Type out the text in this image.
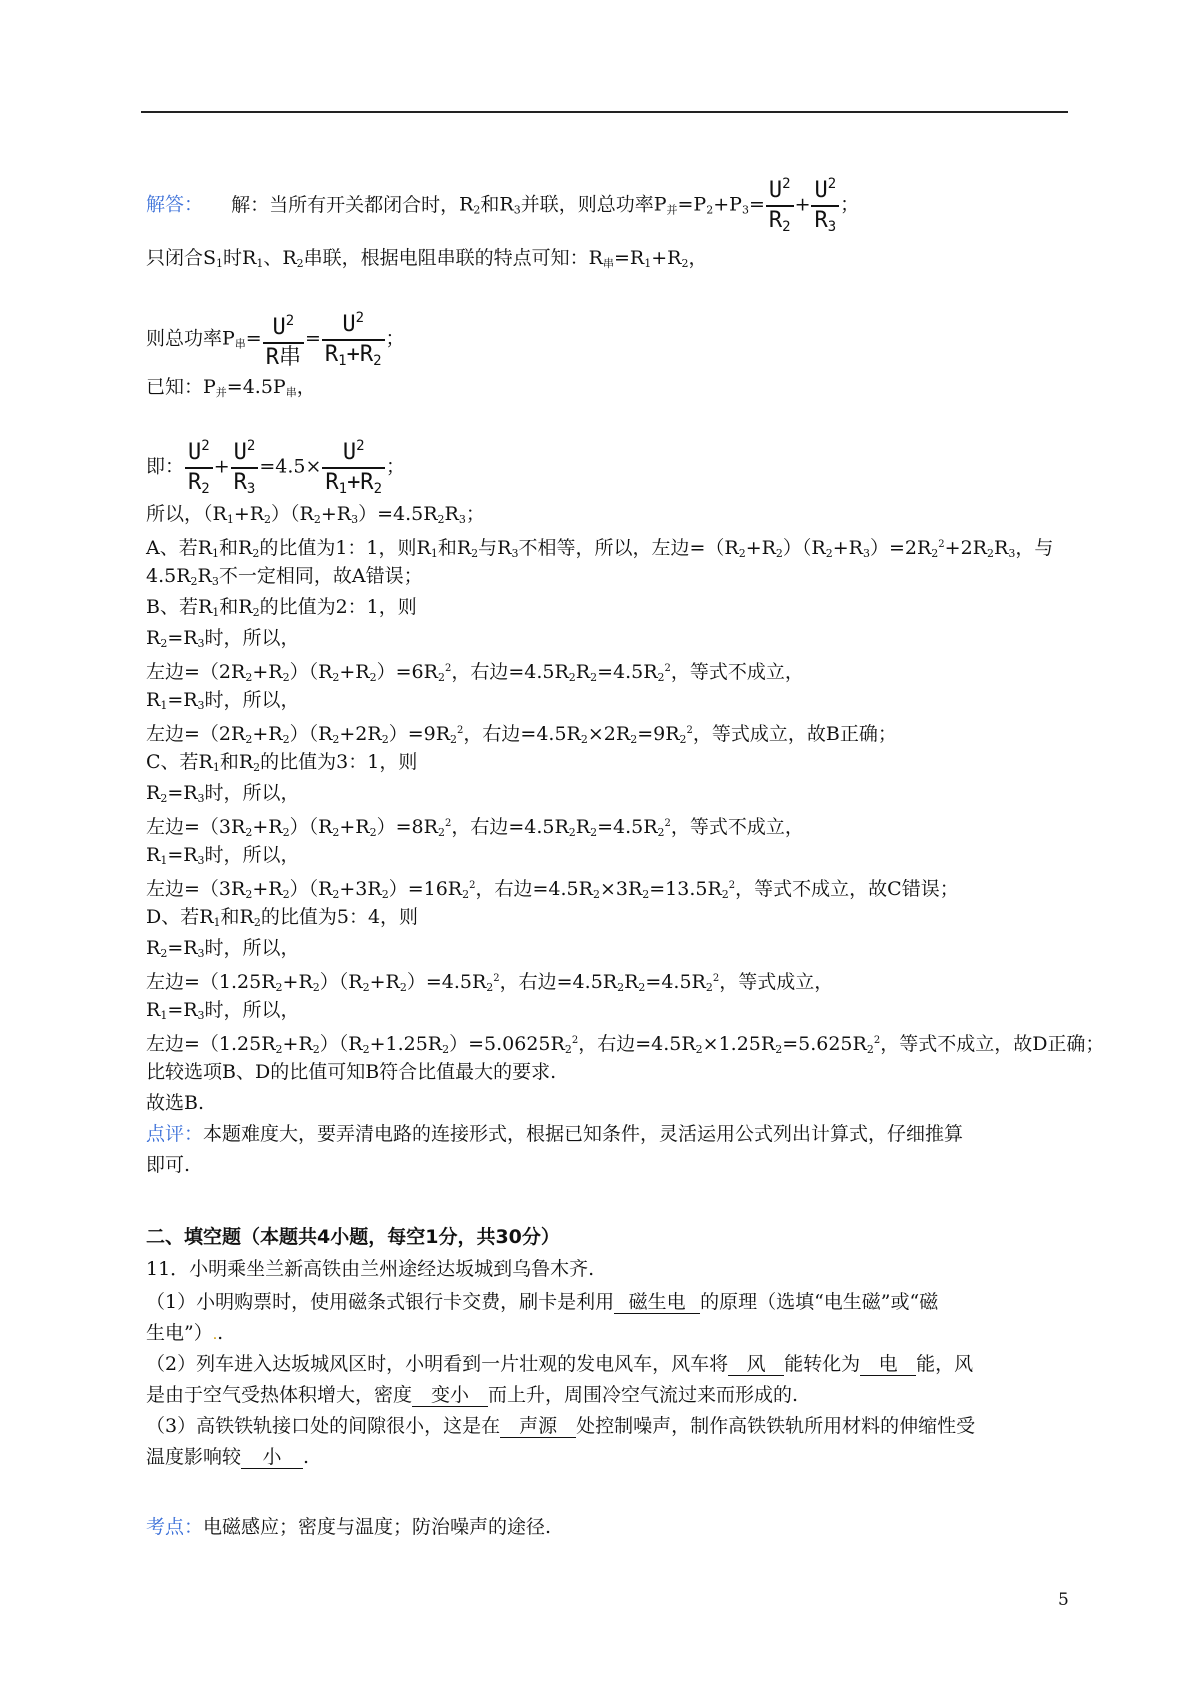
解答： 解：当所有开关都闭合时，$R_2$和$R_3$并联，则总功率$P_并=P_2+P_3= \frac{U^2}{R_2} + \frac{U^2}{R_3}$ ；
只闭合$S_1$时$R_1$、$R_2$串联，根据电阻串联的特点可知：$R_串=R_1+R_2$，
则总功率$P_串= \frac{U^2}{\text{R串}} = \frac{U^2}{R_1+R_2}$ ；
已知：$P_并=4.5P_串$，
即： $\frac{U^2}{R_2} + \frac{U^2}{R_3} =4.5\times \frac{U^2}{R_1+R_2}$ ；
所以，$(R_1+R_2)(R_2+R_3)=4.5R_2R_3$；
A、若$R_1$和$R_2$的比值为1：1，则$R_1$和$R_2$与$R_3$不相等，所以，左边$=(R_2+R_2)(R_2+R_3)=2R_2^2+2R_2R_3$，与
$4.5R_2R_3$不一定相同，故A错误；
B、若$R_1$和$R_2$的比值为2：1，则
$R_2=R_3$时，所以，
左边$=(2R_2+R_2)(R_2+R_2)=6R_2^2$，右边$=4.5R_2R_2=4.5R_2^2$，等式不成立，
$R_1=R_3$时，所以，
左边$=(2R_2+R_2)(R_2+2R_2)=9R_2^2$，右边$=4.5R_2\times 2R_2=9R_2^2$，等式成立，故B正确；
C、若$R_1$和$R_2$的比值为3：1，则
$R_2=R_3$时，所以，
左边$=(3R_2+R_2)(R_2+R_2)=8R_2^2$，右边$=4.5R_2R_2=4.5R_2^2$，等式不成立，
$R_1=R_3$时，所以，
左边$=(3R_2+R_2)(R_2+3R_2)=16R_2^2$，右边$=4.5R_2\times 3R_2=13.5R_2^2$，等式不成立，故C错误；
D、若$R_1$和$R_2$的比值为5：4，则
$R_2=R_3$时，所以，
左边$=(1.25R_2+R_2)(R_2+R_2)=4.5R_2^2$，右边$=4.5R_2R_2=4.5R_2^2$，等式成立，
$R_1=R_3$时，所以，
左边$=(1.25R_2+R_2)(R_2+1.25R_2)=5.0625R_2^2$，右边$=4.5R_2\times 1.25R_2=5.625R_2^2$，等式不成立，故D正确；
比较选项B、D的比值可知B符合比值最大的要求.
故选B.
点评：本题难度大，要弄清电路的连接形式，根据已知条件，灵活运用公式列出计算式，仔细推算
即可.
二、填空题（本题共4小题，每空1分，共30分）
11．小明乘坐兰新高铁由兰州途经达坂城到乌鲁木齐.
（1）小明购票时，使用磁条式银行卡交费，刷卡是利用 磁生电 的原理（选填“电生磁”或“磁
生电”）..
（2）列车进入达坂城风区时，小明看到一片壮观的发电风车，风车将 风 能转化为 电 能，风
是由于空气受热体积增大，密度 变小 而上升，周围冷空气流过来而形成的.
（3）高铁铁轨接口处的间隙很小，这是在 声源 处控制噪声，制作高铁铁轨所用材料的伸缩性受
温度影响较 小 .
考点：电磁感应；密度与温度；防治噪声的途径.
5
